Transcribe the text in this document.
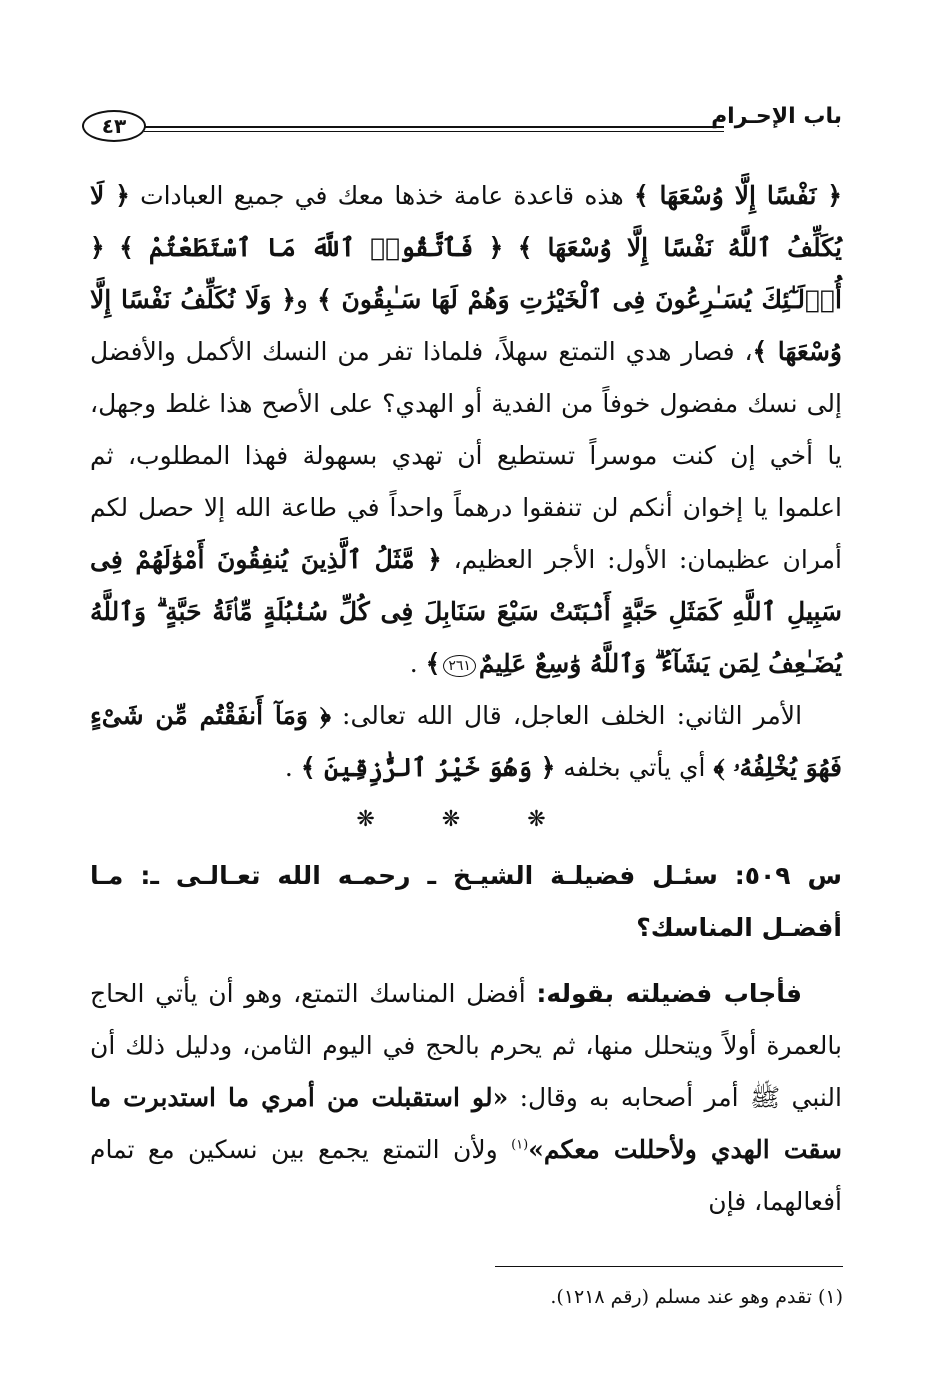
باب الإحـرام
٤٣

﴿ نَفْسًا إِلَّا وُسْعَهَا ﴾ هذه قاعدة عامة خذها معك في جميع العبادات ﴿ لَا يُكَلِّفُ ٱللَّهُ نَفْسًا إِلَّا وُسْعَهَا ﴾ ﴿ فَٱتَّقُوا۟ ٱللَّهَ مَا ٱسْتَطَعْتُمْ ﴾ ﴿ أُو۟لَـٰٓئِكَ يُسَـٰرِعُونَ فِى ٱلْخَيْرَٰتِ وَهُمْ لَهَا سَـٰبِقُونَ ﴾ و﴿ وَلَا نُكَلِّفُ نَفْسًا إِلَّا وُسْعَهَا ﴾، فصار هدي التمتع سهلاً، فلماذا تفر من النسك الأكمل والأفضل إلى نسك مفضول خوفاً من الفدية أو الهدي؟ على الأصح هذا غلط وجهل، يا أخي إن كنت موسراً تستطيع أن تهدي بسهولة فهذا المطلوب، ثم اعلموا يا إخوان أنكم لن تنفقوا درهماً واحداً في طاعة الله إلا حصل لكم أمران عظيمان: الأول: الأجر العظيم، ﴿ مَّثَلُ ٱلَّذِينَ يُنفِقُونَ أَمْوَٰلَهُمْ فِى سَبِيلِ ٱللَّهِ كَمَثَلِ حَبَّةٍ أَنۢبَتَتْ سَبْعَ سَنَابِلَ فِى كُلِّ سُنۢبُلَةٍ مِّا۟ئَةُ حَبَّةٍ ۗ وَٱللَّهُ يُضَـٰعِفُ لِمَن يَشَآءُ ۗ وَٱللَّهُ وَٰسِعٌ عَلِيمٌ٢٦١﴾ .

الأمر الثاني: الخلف العاجل، قال الله تعالى: ﴿ وَمَآ أَنفَقْتُم مِّن شَىْءٍ فَهُوَ يُخْلِفُهُۥ ﴾ أي يأتي بخلفه ﴿ وَهُوَ خَيْرُ ٱلرَّٰزِقِينَ ﴾ .

❋ ❋ ❋

س ٥٠٩: سئـل فضيلـة الشيـخ ـ رحمـه الله تعـالـى ـ: مـا أفضـل المناسك؟

فأجاب فضيلته بقوله: أفضل المناسك التمتع، وهو أن يأتي الحاج بالعمرة أولاً ويتحلل منها، ثم يحرم بالحج في اليوم الثامن، ودليل ذلك أن النبي ﷺ أمر أصحابه به وقال: «لو استقبلت من أمري ما استدبرت ما سقت الهدي ولأحللت معكم»$^{(١)}$ ولأن التمتع يجمع بين نسكين مع تمام أفعالهما، فإن

(١) تقدم وهو عند مسلم (رقم ١٢١٨).
